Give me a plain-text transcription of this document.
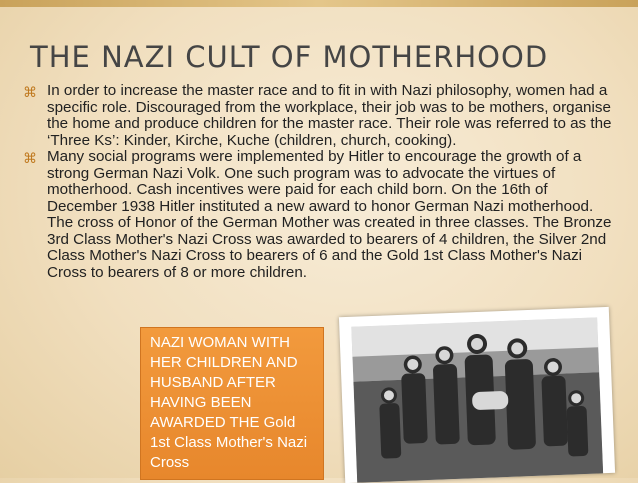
THE NAZI CULT OF MOTHERHOOD
⌘ In order to increase the master race and to fit in with Nazi philosophy, women had a specific role. Discouraged from the workplace, their job was to be mothers, organise the home and produce children for the master race. Their role was referred to as the ‘Three Ks’: Kinder, Kirche, Kuche (children, church, cooking).
⌘ Many social programs were implemented by Hitler to encourage the growth of a strong German Nazi Volk. One such program was to advocate the virtues of motherhood. Cash incentives were paid for each child born. On the 16th of December 1938 Hitler instituted a new award to honor German Nazi motherhood. The cross of Honor of the German Mother was created in three classes. The Bronze 3rd Class Mother's Nazi Cross was awarded to bearers of 4 children, the Silver 2nd Class Mother's Nazi Cross to bearers of 6 and the Gold 1st Class Mother's Nazi Cross to bearers of 8 or more children.
NAZI WOMAN WITH HER CHILDREN AND HUSBAND AFTER HAVING BEEN AWARDED THE Gold 1st Class Mother's Nazi Cross
